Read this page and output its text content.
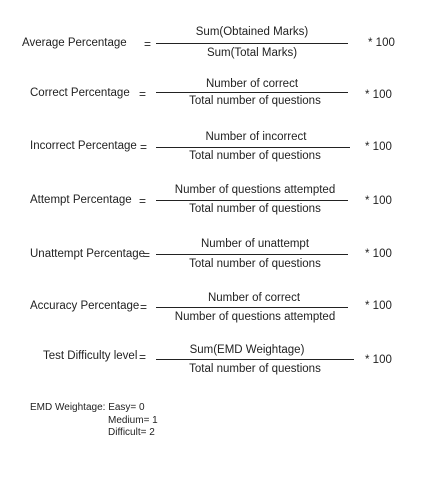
Average Percentage =
Sum(Obtained Marks)
Sum(Total Marks)
* 100
Correct Percentage =
Number of correct
Total number of questions	* 100
Incorrect Percentage =
Number of incorrect
Total number of questions
* 100
Attempt Percentage =
Number of questions attempted
Total number of questions
* 100
Unattempt Percentage
=
Number of unattempt
Total number of questions
* 100
Accuracy Percentage =
Number of correct
Number of questions attempted
* 100
Test Difficulty level =	Sum(EMD Weightage)
Total number of questions
* 100
EMD Weightage: Easy= 0
Medium= 1
Difficult= 2
